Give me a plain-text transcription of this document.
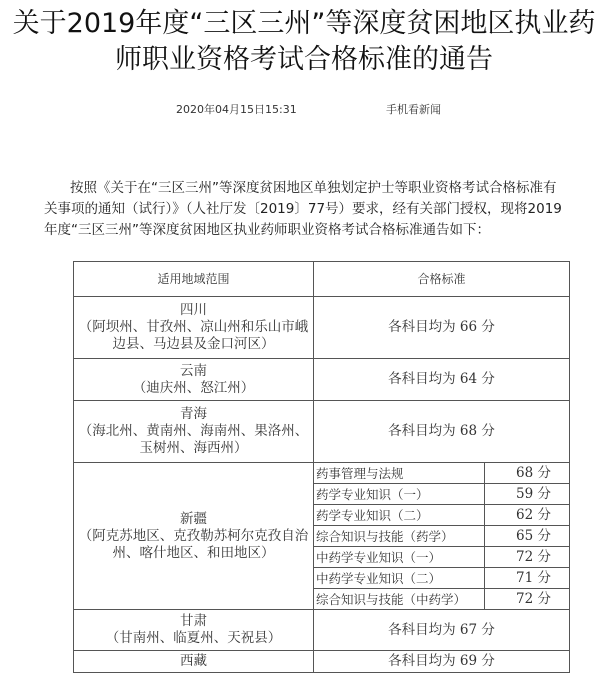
关于2019年度“三区三州”等深度贫困地区执业药
师职业资格考试合格标准的通告
2020年04月15日15:31	手机看新闻

按照《关于在“三区三州”等深度贫困地区单独划定护士等职业资格考试合格标准有关事项的通知（试行）》（人社厅发〔2019〕77号）要求，经有关部门授权，现将2019年度“三区三州”等深度贫困地区执业药师职业资格考试合格标准通告如下：

适用地域范围	合格标准	

四川
（阿坝州、甘孜州、凉山州和乐山市峨边县、马边县及金口河区）	各科目均为 66 分	

云南
（迪庆州、怒江州）	各科目均为 64 分	

青海
（海北州、黄南州、海南州、果洛州、玉树州、海西州）	各科目均为 68 分	

新疆
（阿克苏地区、克孜勒苏柯尔克孜自治州、喀什地区、和田地区）	药事管理与法规	68 分
	药学专业知识（一）	59 分
	药学专业知识（二）	62 分
	综合知识与技能（药学）	65 分
	中药学专业知识（一）	72 分
	中药学专业知识（二）	71 分
	综合知识与技能（中药学）	72 分

甘肃
（甘南州、临夏州、天祝县）	各科目均为 67 分	
西藏	各科目均为 69 分	
